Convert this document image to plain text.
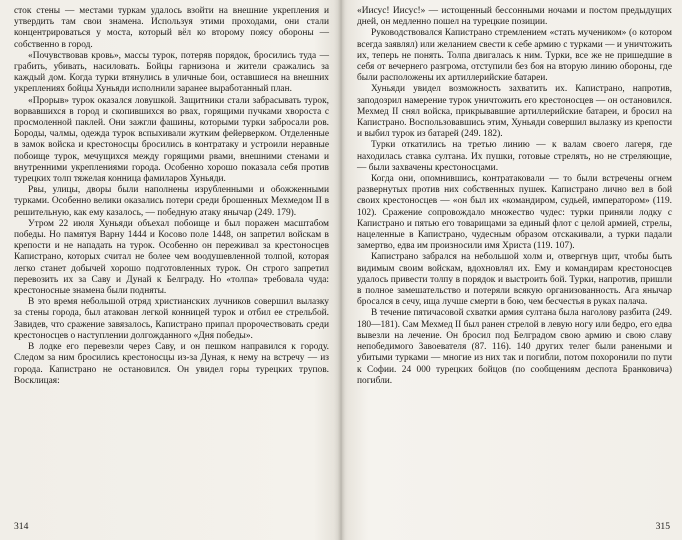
сток стены — местами туркам удалось взойти на внешние укрепления и утвердить там свои знамена. Используя этими проходами, они стали концентрироваться у моста, который вёл ко второму поясу обороны — собственно в город.

«Почувствовав кровь», массы турок, потеряв порядок, бросились туда — грабить, убивать, насиловать. Бойцы гарнизона и жители сражались за каждый дом. Когда турки втянулись в уличные бои, оставшиеся на внешних укреплениях бойцы Хуньяди исполнили заранее выработанный план.

«Прорыв» турок оказался ловушкой. Защитники стали забрасывать турок, ворвавшихся в город и скопившихся во рвах, горящими пучками хвороста с просмоленной паклей. Они зажгли фашины, которыми турки забросали ров. Бороды, чалмы, одежда турок вспыхивали жутким фейерверком. Отделенные в замок войска и крестоносцы бросились в контратаку и устроили неравные побоище турок, мечущихся между горящими рвами, внешними стенами и внутренними укреплениями города. Особенно хорошо показала себя против турецких толп тяжелая конница фамиларов Хуньяди.

Рвы, улицы, дворы были наполнены изрубленными и обожженными турками. Особенно велики оказались потери среди брошенных Мехмедом II в решительную, как ему казалось, — победную атаку янычар (249. 179).

Утром 22 июля Хуньяди объехал побоище и был поражен масштабом победы. Но памятуя Варну 1444 и Косово поле 1448, он запретил войскам в крепости и не нападать на турок. Особенно он переживал за крестоносцев Капистрано, которых считал не более чем воодушевленной толпой, которая легко станет добычей хорошо подготовленных турок. Он строго запретил перевозить их за Саву и Дунай к Белграду. Но «толпа» требовала чуда: крестоносные знамена были подняты.

В это время небольшой отряд христианских лучников совершил вылазку за стены города, был атакован легкой конницей турок и отбил ее стрельбой. Завидев, что сражение завязалось, Капистрано припал пророчествовать среди крестоносцев о наступлении долгожданного «Дня победы».

В лодке его перевезли через Саву, и он пешком направился к городу. Следом за ним бросились крестоносцы из-за Дуная, к нему на встречу — из города. Капистрано не остановился. Он увидел горы турецких трупов. Восклицая:

314

«Иисус! Иисус!» — истощенный бессонными ночами и постом предыдущих дней, он медленно пошел на турецкие позиции.

Руководствовался Капистрано стремлением «стать мучеником» (о котором всегда заявлял) или желанием свести к себе армию с турками — и уничтожить их, теперь не понять. Толпа двигалась к ним. Турки, все же не пришедшие в себя от вечернего разгрома, отступили без боя на вторую линию обороны, где были расположены их артиллерийские батареи.

Хуньяди увидел возможность захватить их. Капистрано, напротив, заподозрил намерение турок уничтожить его крестоносцев — он остановился. Мехмед II снял войска, прикрывавшие артиллерийские батареи, и бросил на Капистрано. Воспользовавшись этим, Хуньяди совершил вылазку из крепости и выбил турок из батарей (249. 182).

Турки откатились на третью линию — к валам своего лагеря, где находилась ставка султана. Их пушки, готовые стрелять, но не стреляющие, — были захвачены крестоносцами.

Когда они, опомнившись, контратаковали — то были встречены огнем развернутых против них собственных пушек. Капистрано лично вел в бой своих крестоносцев — «он был их «командиром, судьей, императором» (119. 102). Сражение сопровождало множество чудес: турки приняли лодку с Капистрано и пятью его товарищами за единый флот с целой армией, стрелы, нацеленные в Капистрано, чудесным образом отскакивали, а турки падали замертво, едва им произносили имя Христа (119. 107).

Капистрано забрался на небольшой холм и, отвергнув щит, чтобы быть видимым своим войскам, вдохновлял их. Ему и командирам крестоносцев удалось привести толпу в порядок и выстроить бой. Турки, напротив, пришли в полное замешательство и потеряли всякую организованность. Ага янычар бросался в сечу, ища лучше смерти в бою, чем бесчестья в руках палача.

В течение пятичасовой схватки армия султана была наголову разбита (249. 180—181). Сам Мехмед II был ранен стрелой в левую ногу или бедро, его едва вывезли на лечение. Он бросил под Белградом свою армию и свою славу непобедимого Завоевателя (87. 116). 140 других телег были ранеными и убитыми турками — многие из них так и погибли, потом похоронили по пути к Софии. 24 000 турецких бойцов (по сообщениям деспота Бранковича) погибли.

315
